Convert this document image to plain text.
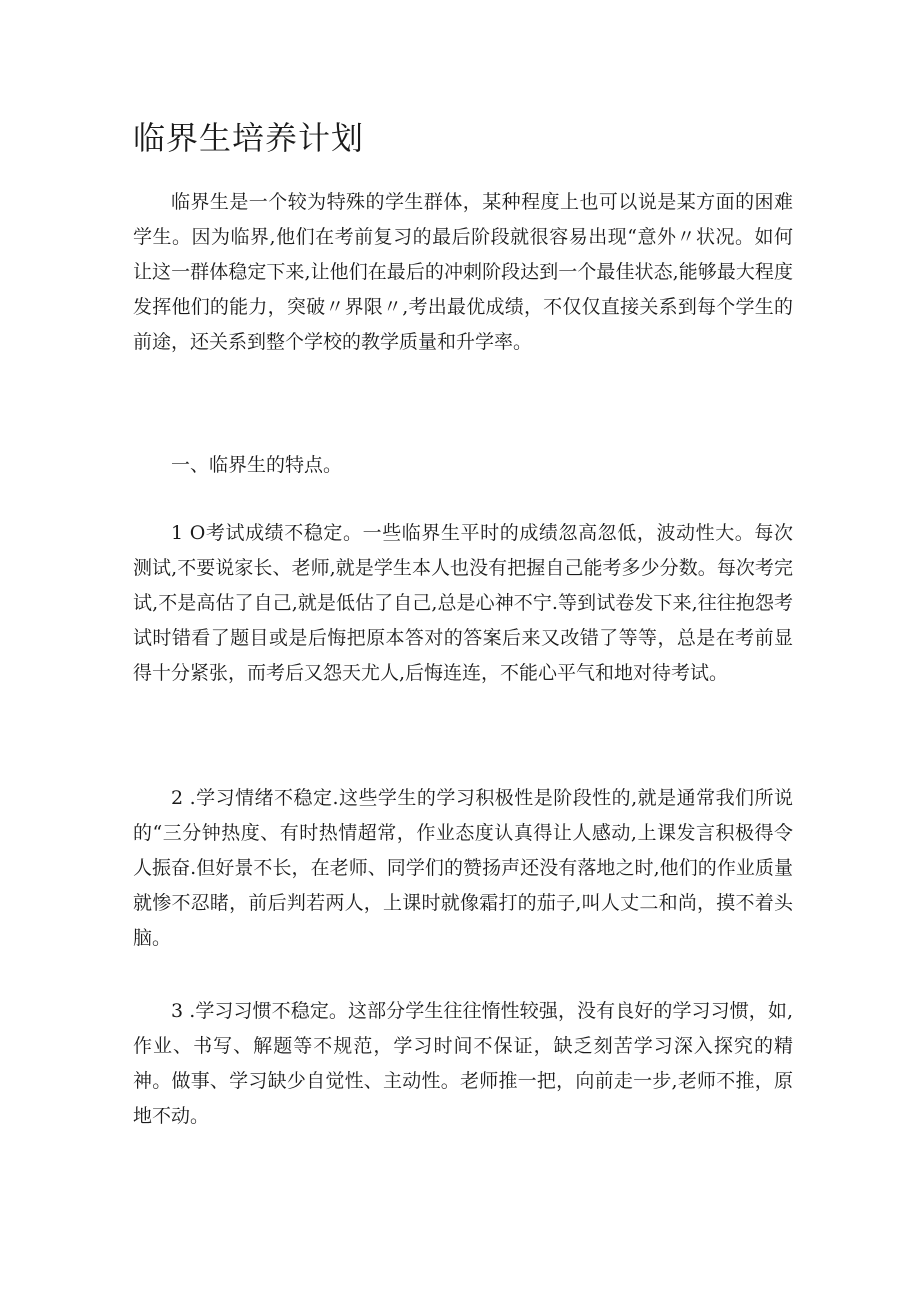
临界生培养计划

临界生是一个较为特殊的学生群体，某种程度上也可以说是某方面的困难学生。因为临界,他们在考前复习的最后阶段就很容易出现“意外〃状况。如何让这一群体稳定下来,让他们在最后的冲刺阶段达到一个最佳状态,能够最大程度发挥他们的能力，突破〃界限〃,考出最优成绩，不仅仅直接关系到每个学生的前途，还关系到整个学校的教学质量和升学率。

一、临界生的特点。

1 O考试成绩不稳定。一些临界生平时的成绩忽高忽低，波动性大。每次测试,不要说家长、老师,就是学生本人也没有把握自己能考多少分数。每次考完试,不是高估了自己,就是低估了自己,总是心神不宁.等到试卷发下来,往往抱怨考试时错看了题目或是后悔把原本答对的答案后来又改错了等等，总是在考前显得十分紧张，而考后又怨天尤人,后悔连连，不能心平气和地对待考试。

2 .学习情绪不稳定.这些学生的学习积极性是阶段性的,就是通常我们所说的“三分钟热度、有时热情超常，作业态度认真得让人感动,上课发言积极得令人振奋.但好景不长，在老师、同学们的赞扬声还没有落地之时,他们的作业质量就惨不忍睹，前后判若两人，上课时就像霜打的茄子,叫人丈二和尚，摸不着头脑。

3 .学习习惯不稳定。这部分学生往往惰性较强，没有良好的学习习惯，如,作业、书写、解题等不规范，学习时间不保证，缺乏刻苦学习深入探究的精神。做事、学习缺少自觉性、主动性。老师推一把，向前走一步,老师不推，原地不动。
